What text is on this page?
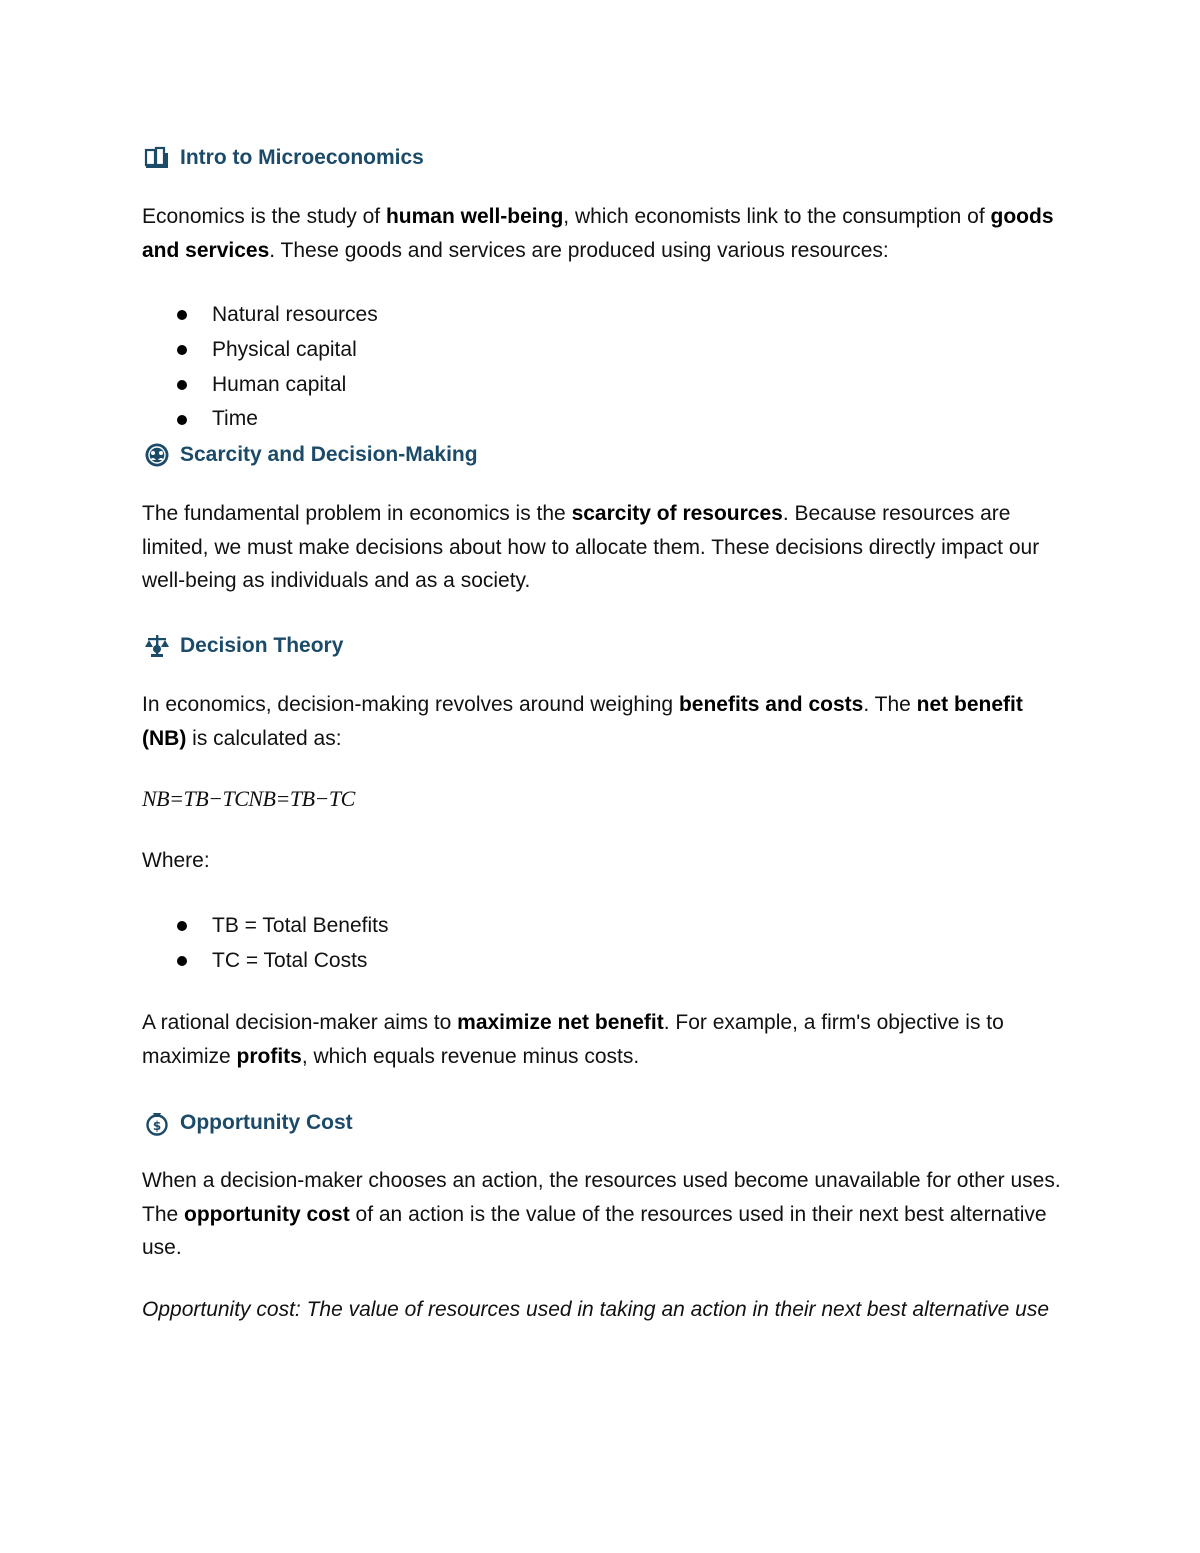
Intro to Microeconomics

Economics is the study of human well-being, which economists link to the consumption of goods and services. These goods and services are produced using various resources:

Natural resources
Physical capital
Human capital
Time
Scarcity and Decision-Making

The fundamental problem in economics is the scarcity of resources. Because resources are limited, we must make decisions about how to allocate them. These decisions directly impact our well-being as individuals and as a society.

Decision Theory

In economics, decision-making revolves around weighing benefits and costs. The net benefit (NB) is calculated as:

NB=TB−TCNB=TB−TC

Where:

TB = Total Benefits
TC = Total Costs

A rational decision-maker aims to maximize net benefit. For example, a firm's objective is to maximize profits, which equals revenue minus costs.

$ Opportunity Cost

When a decision-maker chooses an action, the resources used become unavailable for other uses. The opportunity cost of an action is the value of the resources used in their next best alternative use.

Opportunity cost: The value of resources used in taking an action in their next best alternative use
